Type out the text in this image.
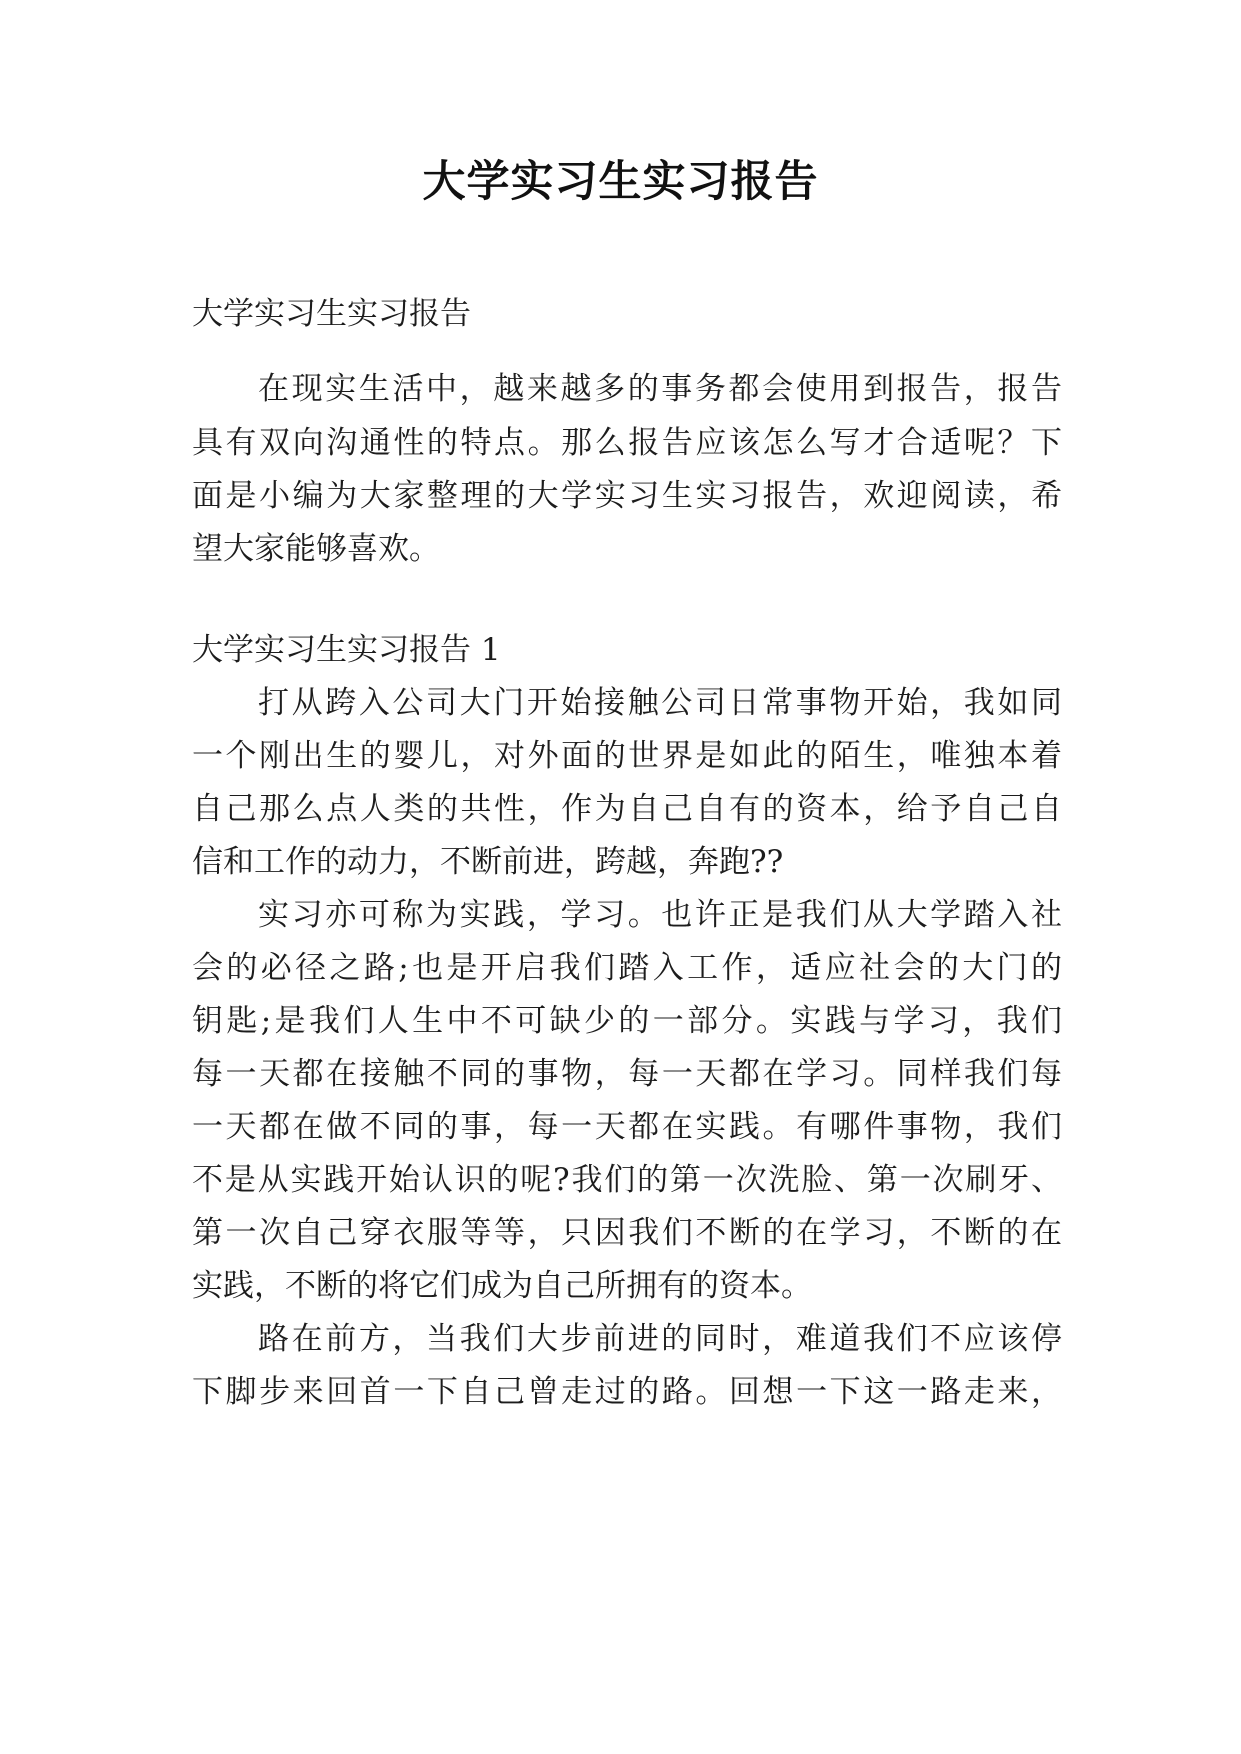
大学实习生实习报告
大学实习生实习报告
在现实生活中，越来越多的事务都会使用到报告，报告
具有双向沟通性的特点。那么报告应该怎么写才合适呢？下
面是小编为大家整理的大学实习生实习报告，欢迎阅读，希
望大家能够喜欢。
大学实习生实习报告 1
打从跨入公司大门开始接触公司日常事物开始，我如同
一个刚出生的婴儿，对外面的世界是如此的陌生，唯独本着
自己那么点人类的共性，作为自己自有的资本，给予自己自
信和工作的动力，不断前进，跨越，奔跑??
实习亦可称为实践，学习。也许正是我们从大学踏入社
会的必径之路;也是开启我们踏入工作，适应社会的大门的
钥匙;是我们人生中不可缺少的一部分。实践与学习，我们
每一天都在接触不同的事物，每一天都在学习。同样我们每
一天都在做不同的事，每一天都在实践。有哪件事物，我们
不是从实践开始认识的呢?我们的第一次洗脸、第一次刷牙、
第一次自己穿衣服等等，只因我们不断的在学习，不断的在
实践，不断的将它们成为自己所拥有的资本。
路在前方，当我们大步前进的同时，难道我们不应该停
下脚步来回首一下自己曾走过的路。回想一下这一路走来，
